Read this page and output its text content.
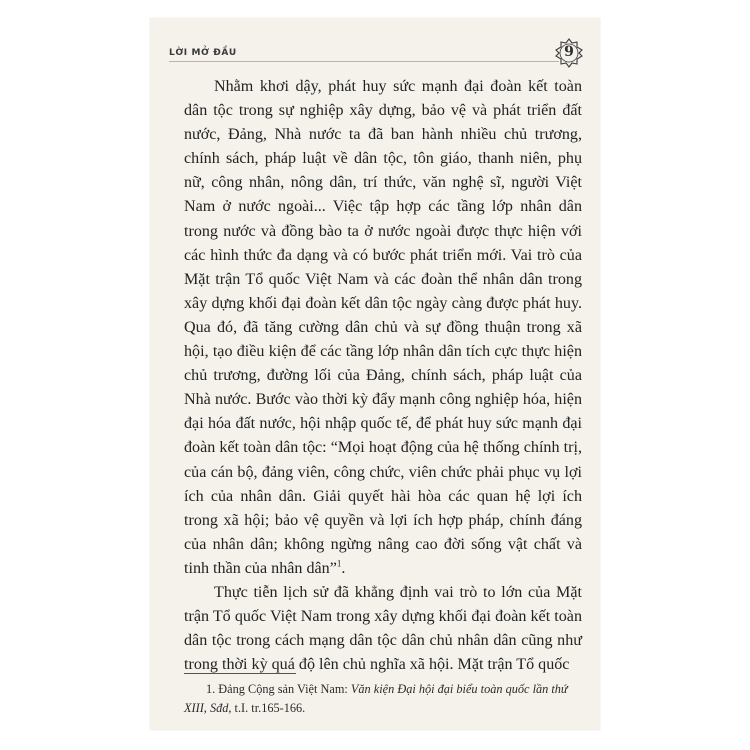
LỜI MỞ ĐẦU	9

Nhằm khơi dậy, phát huy sức mạnh đại đoàn kết toàn dân tộc trong sự nghiệp xây dựng, bảo vệ và phát triển đất nước, Đảng, Nhà nước ta đã ban hành nhiều chủ trương, chính sách, pháp luật về dân tộc, tôn giáo, thanh niên, phụ nữ, công nhân, nông dân, trí thức, văn nghệ sĩ, người Việt Nam ở nước ngoài... Việc tập hợp các tầng lớp nhân dân trong nước và đồng bào ta ở nước ngoài được thực hiện với các hình thức đa dạng và có bước phát triển mới. Vai trò của Mặt trận Tổ quốc Việt Nam và các đoàn thể nhân dân trong xây dựng khối đại đoàn kết dân tộc ngày càng được phát huy. Qua đó, đã tăng cường dân chủ và sự đồng thuận trong xã hội, tạo điều kiện để các tầng lớp nhân dân tích cực thực hiện chủ trương, đường lối của Đảng, chính sách, pháp luật của Nhà nước. Bước vào thời kỳ đẩy mạnh công nghiệp hóa, hiện đại hóa đất nước, hội nhập quốc tế, để phát huy sức mạnh đại đoàn kết toàn dân tộc: “Mọi hoạt động của hệ thống chính trị, của cán bộ, đảng viên, công chức, viên chức phải phục vụ lợi ích của nhân dân. Giải quyết hài hòa các quan hệ lợi ích trong xã hội; bảo vệ quyền và lợi ích hợp pháp, chính đáng của nhân dân; không ngừng nâng cao đời sống vật chất và tinh thần của nhân dân”$^1$.

Thực tiễn lịch sử đã khẳng định vai trò to lớn của Mặt trận Tổ quốc Việt Nam trong xây dựng khối đại đoàn kết toàn dân tộc trong cách mạng dân tộc dân chủ nhân dân cũng như trong thời kỳ quá độ lên chủ nghĩa xã hội. Mặt trận Tổ quốc

1. Đảng Cộng sản Việt Nam: Văn kiện Đại hội đại biểu toàn quốc lần thứ XIII, Sđd, t.I. tr.165-166.
